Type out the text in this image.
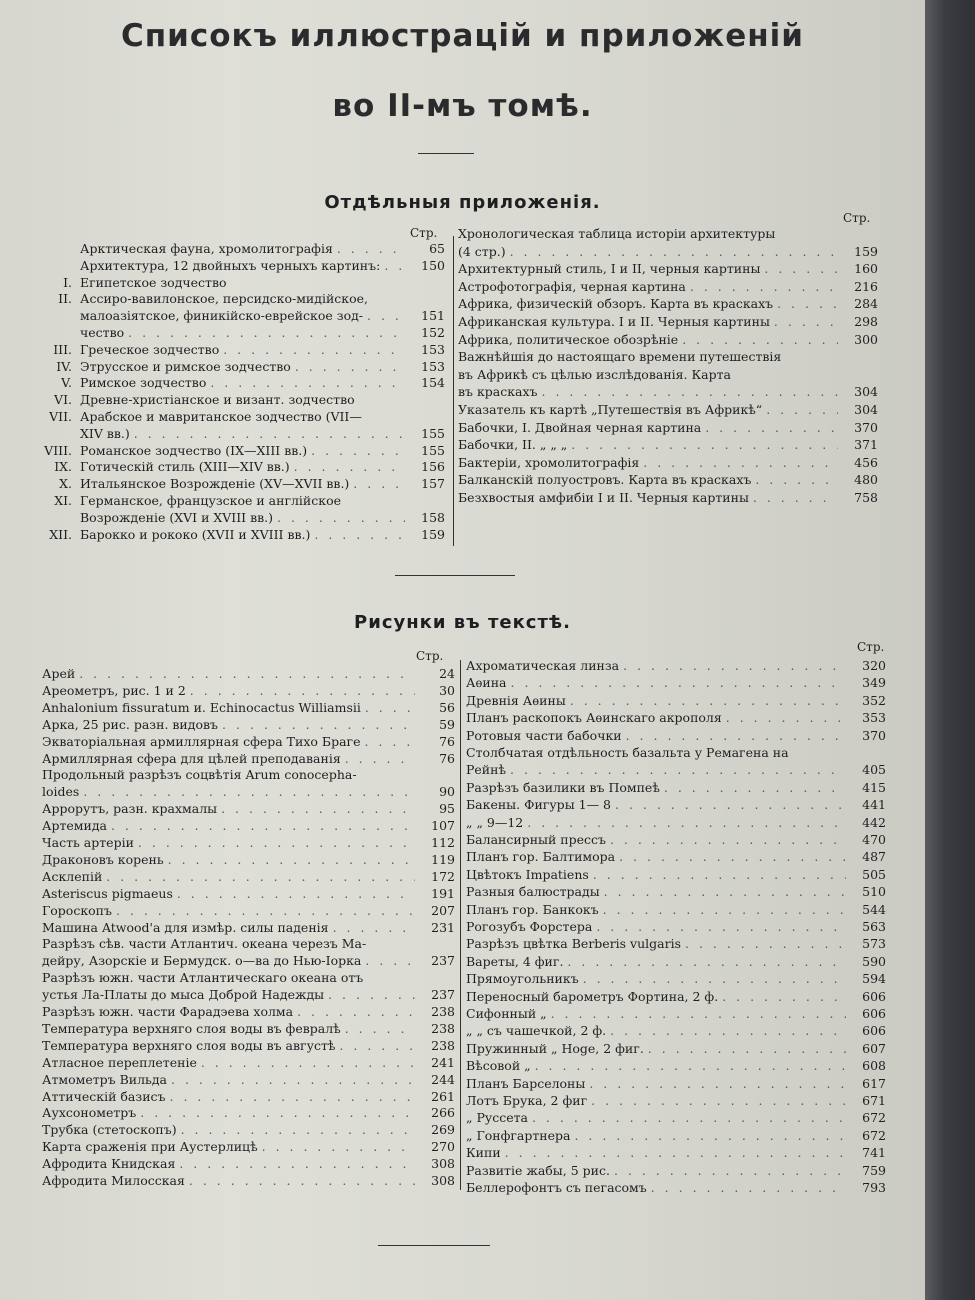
Списокъ иллюстрацій и приложеній
во II-мъ томѣ.
Отдѣльныя приложенія.
Стр.
Стр.
Арктическая фауна, хромолитографія . . .	65
Архитектура, 12 двойныхъ черныхъ картинъ: . . .	150
I. Египетское зодчество
II. Ассиро-вавилонское, персидско-мидійское,
малоазіятское, финикійско-еврейское зод- . . .	151
чество . . .	152
III. Греческое зодчество . . .	153
IV. Этрусское и римское зодчество . . .	153
V. Римское зодчество . . .	154
VI. Древне-христіанское и визант. зодчество
VII. Арабское и мавританское зодчество (VII—
XIV вв.) . . .	155
VIII. Романское зодчество (IX—XIII вв.) . . .	155
IX. Готическій стиль (XIII—XIV вв.) . . .	156
X. Итальянское Возрожденіе (XV—XVII вв.) . . .	157
XI. Германское, французское и англійское
Возрожденіе (XVI и XVIII вв.) . . .	158
XII. Барокко и рококо (XVII и XVIII вв.) . . .	159
Хронологическая таблица исторіи архитектуры
(4 стр.) . . .	159
Архитектурный стиль, I и II, черныя картины . . .	160
Астрофотографія, черная картина . . .	216
Африка, физическій обзоръ. Карта въ краскахъ . . .	284
Африканская культура. I и II. Черныя картины . . .	298
Африка, политическое обозрѣніе . . .	300
Важнѣйшія до настоящаго времени путешествія
въ Африкѣ съ цѣлью изслѣдованія. Карта
въ краскахъ . . .	304
Указатель къ картѣ „Путешествія въ Африкѣ“ . . .	304
Бабочки, I. Двойная черная картина . . .	370
Бабочки, II. „ „ „ . . .	371
Бактеріи, хромолитографія . . .	456
Балканскій полуостровъ. Карта въ краскахъ . . .	480
Безхвостыя амфибіи I и II. Черныя картины . . .	758
Рисунки въ текстѣ.
Стр.
Стр.
Арей . . .	24
Ареометръ, рис. 1 и 2 . . .	30
Anhalonium fissuratum и. Echinocactus Williamsii . . .	56
Арка, 25 рис. разн. видовъ . . .	59
Экваторіальная армиллярная сфера Тихо Браге . . .	76
Армиллярная сфера для цѣлей преподаванія . . .	76
Продольный разрѣзъ соцвѣтія Arum conocepha-
loides . . .	90
Аррорутъ, разн. крахмалы . . .	95
Артемида . . .	107
Часть артеріи . . .	112
Драконовъ корень . . .	119
Асклепій . . .	172
Asteriscus pigmaeus . . .	191
Гороскопъ . . .	207
Машина Atwood'а для измѣр. силы паденія . . .	231
Разрѣзъ сѣв. части Атлантич. океана черезъ Ма-
дейру, Азорскіе и Бермудск. о—ва до Нью-Іорка . . .	237
Разрѣзъ южн. части Атлантическаго океана отъ
устья Ла-Платы до мыса Доброй Надежды . . .	237
Разрѣзъ южн. части Фарадэева холма . . .	238
Температура верхняго слоя воды въ февралѣ . . .	238
Температура верхняго слоя воды въ августѣ . . .	238
Атласное переплетеніе . . .	241
Атмометръ Вильда . . .	244
Аттическій базисъ . . .	261
Аухсонометръ . . .	266
Трубка (стетоскопъ) . . .	269
Карта сраженія при Аустерлицѣ . . .	270
Афродита Книдская . . .	308
Афродита Милосская . . .	308
Ахроматическая линза . . .	320
Аѳина . . .	349
Древнія Аѳины . . .	352
Планъ раскопокъ Аѳинскаго акрополя . . .	353
Ротовыя части бабочки . . .	370
Столбчатая отдѣльность базальта у Ремагена на
Рейнѣ . . .	405
Разрѣзъ базилики въ Помпеѣ . . .	415
Бакены. Фигуры 1— 8 . . .	441
„ „ 9—12 . . .	442
Балансирный прессъ . . .	470
Планъ гор. Балтимора . . .	487
Цвѣтокъ Impatiens . . .	505
Разныя балюстрады . . .	510
Планъ гор. Банкокъ . . .	544
Рогозубъ Форстера . . .	563
Разрѣзъ цвѣтка Berberis vulgaris . . .	573
Вареты, 4 фиг. . . .	590
Прямоугольникъ . . .	594
Переносный барометръ Фортина, 2 ф. . . .	606
Сифонный „ . . .	606
„ „ съ чашечкой, 2 ф. . . .	606
Пружинный „ Hoge, 2 фиг. . . .	607
Вѣсовой „ . . .	608
Планъ Барселоны . . .	617
Лотъ Брука, 2 фиг . . .	671
„ Руссета . . .	672
„ Гонфгартнера . . .	672
Кипи . . .	741
Развитіе жабы, 5 рис. . . .	759
Беллерофонтъ съ пегасомъ . . .	793
